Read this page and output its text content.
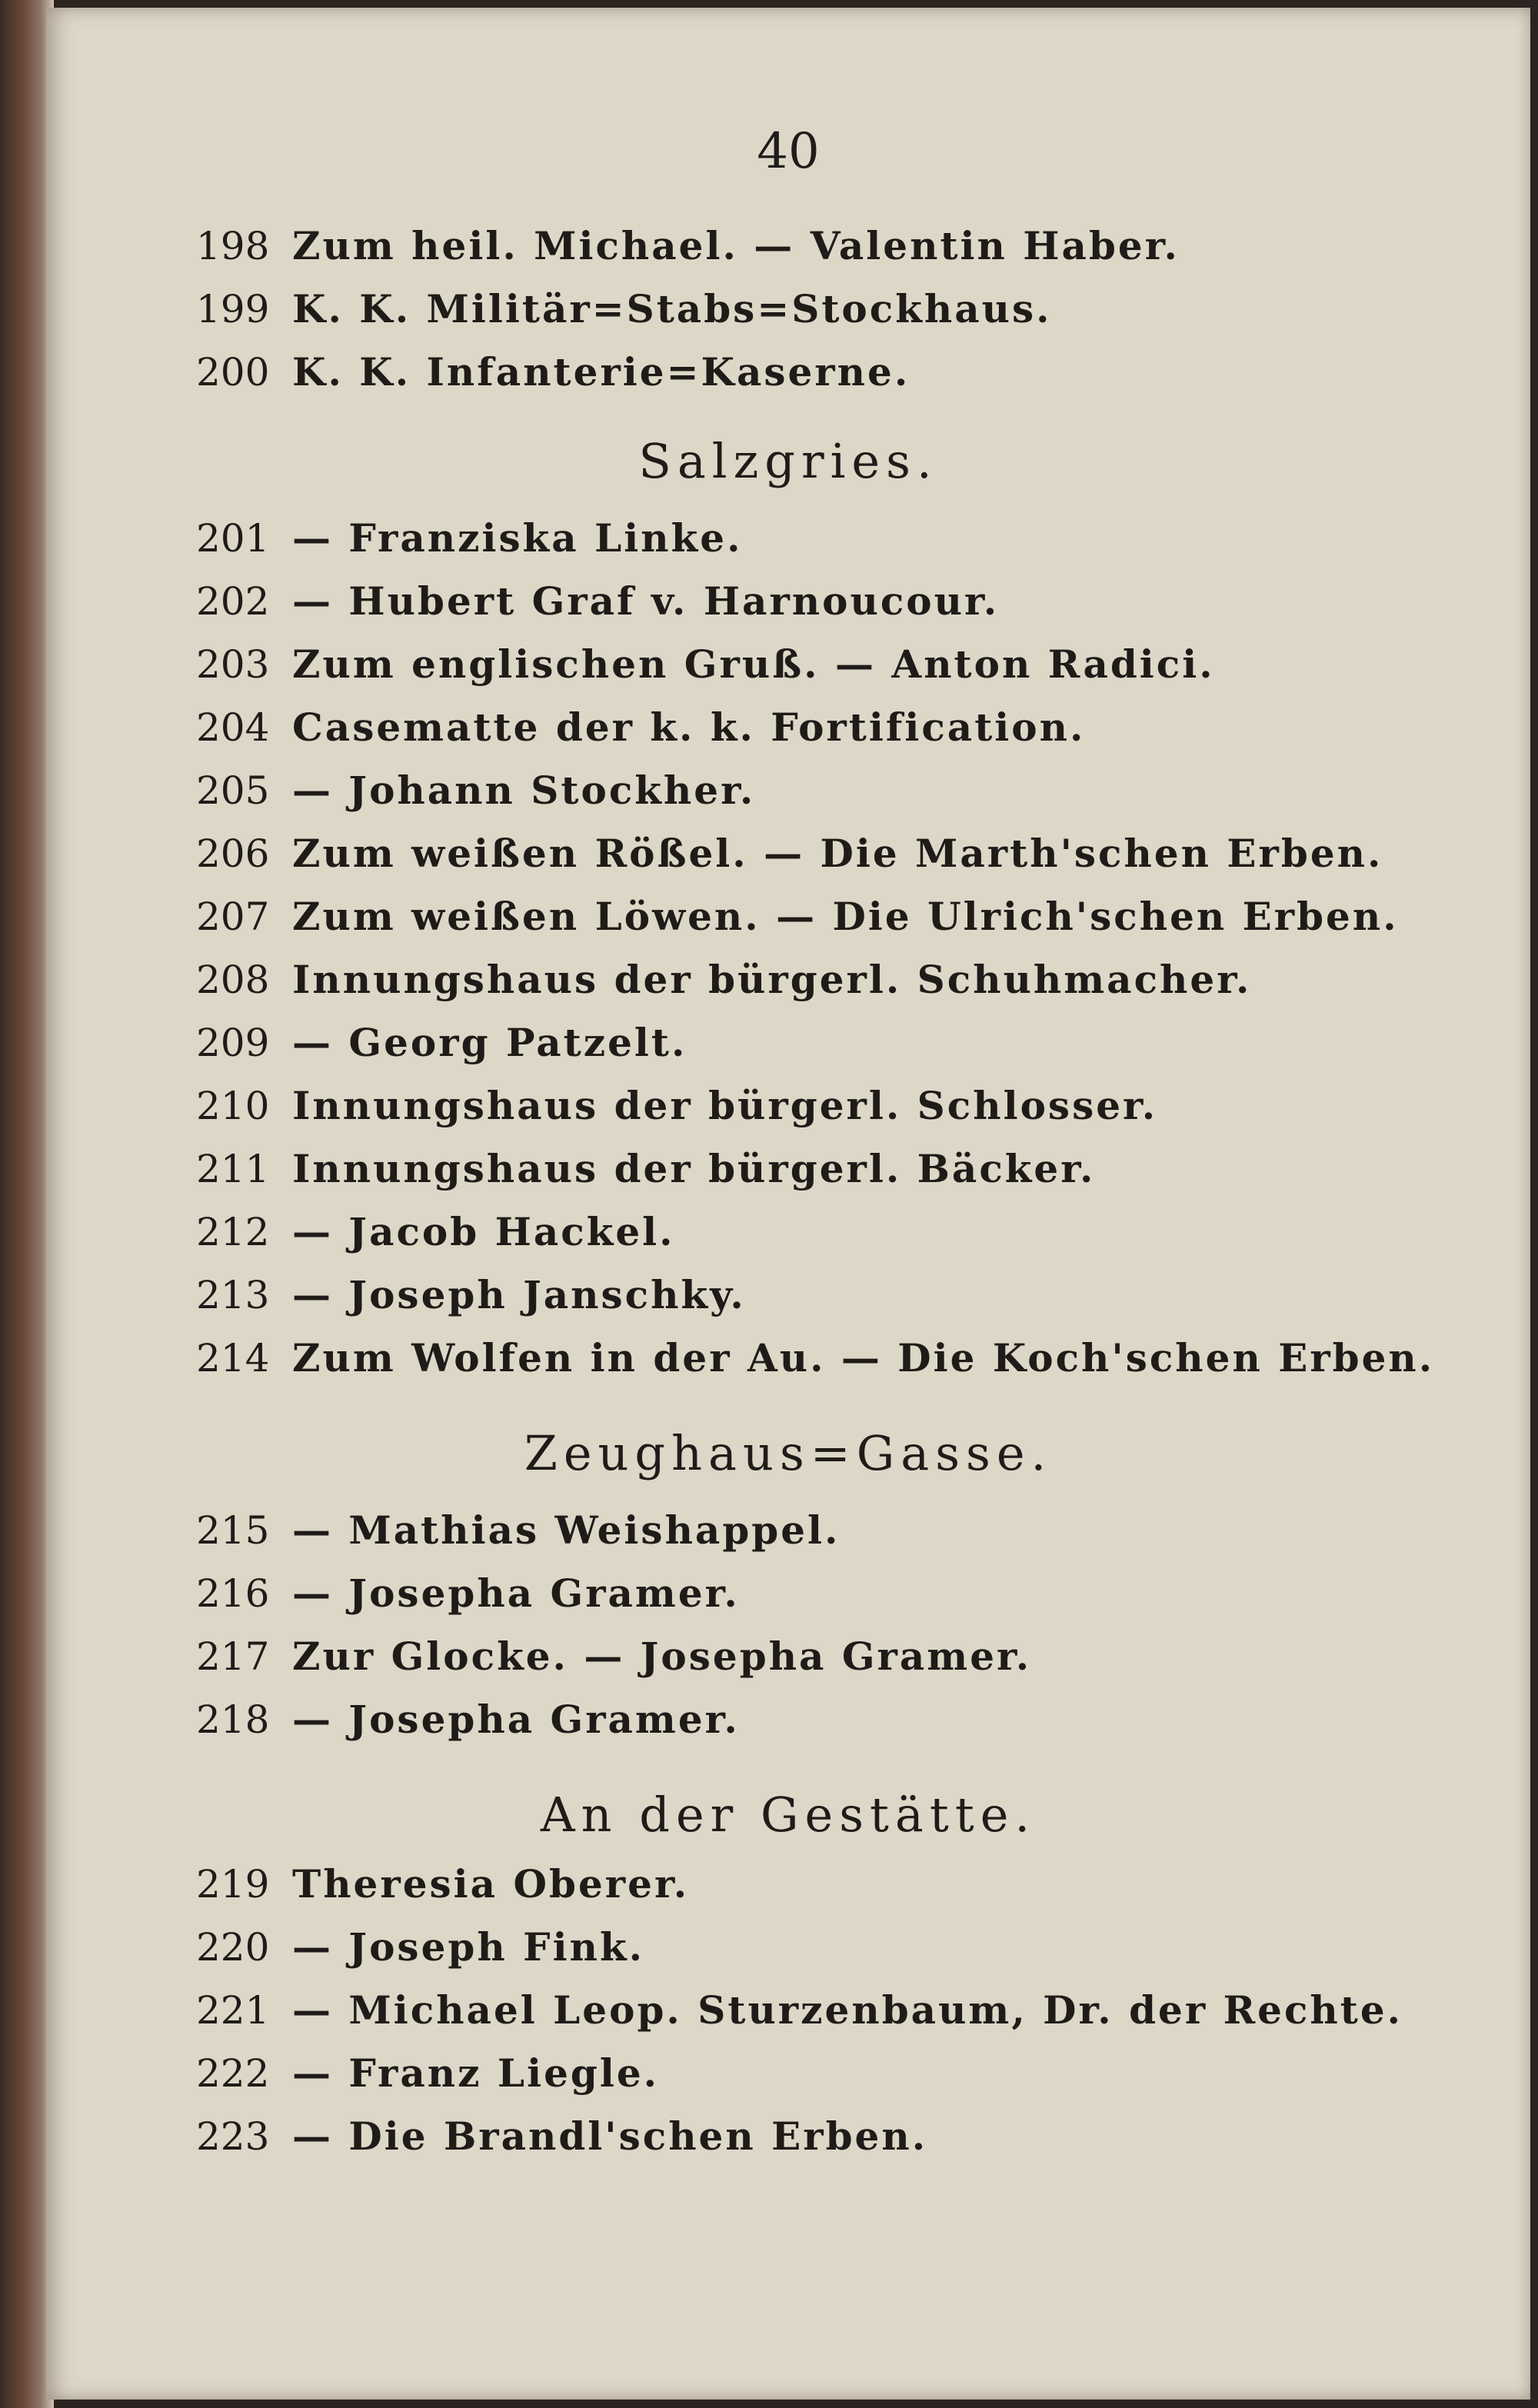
40
198 Zum heil. Michael. — Valentin Haber.
199 K. K. Militär=Stabs=Stockhaus.
200 K. K. Infanterie=Kaserne.
Salzgries.
201 — Franziska Linke.
202 — Hubert Graf v. Harnoucour.
203 Zum englischen Gruß. — Anton Radici.
204 Casematte der k. k. Fortification.
205 — Johann Stockher.
206 Zum weißen Rößel. — Die Marth'schen Erben.
207 Zum weißen Löwen. — Die Ulrich'schen Erben.
208 Innungshaus der bürgerl. Schuhmacher.
209 — Georg Patzelt.
210 Innungshaus der bürgerl. Schlosser.
211 Innungshaus der bürgerl. Bäcker.
212 — Jacob Hackel.
213 — Joseph Janschky.
214 Zum Wolfen in der Au. — Die Koch'schen Erben.
Zeughaus=Gasse.
215 — Mathias Weishappel.
216 — Josepha Gramer.
217 Zur Glocke. — Josepha Gramer.
218 — Josepha Gramer.
An der Gestätte.
219 Theresia Oberer.
220 — Joseph Fink.
221 — Michael Leop. Sturzenbaum, Dr. der Rechte.
222 — Franz Liegle.
223 — Die Brandl'schen Erben.
